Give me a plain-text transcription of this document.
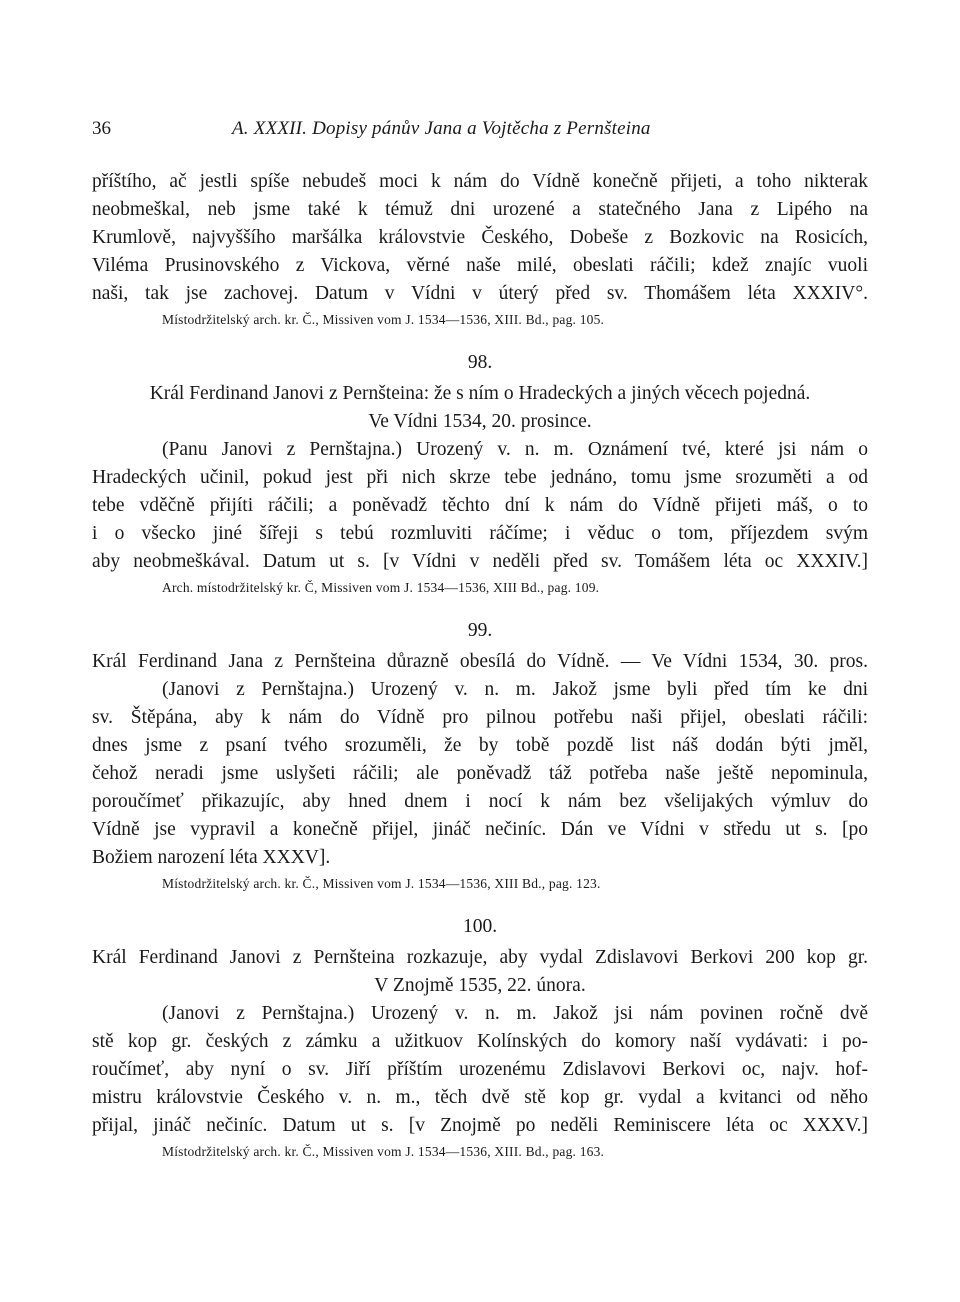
36	A. XXXII. Dopisy pánův Jana a Vojtěcha z Pernšteina
příštího, ač jestli spíše nebudeš moci k nám do Vídně konečně přijeti, a toho nikterak
neobmeškal, neb jsme také k témuž dni urozené a statečného Jana z Lipého na
Krumlově, najvyššího maršálka královstvie Českého, Dobeše z Bozkovic na Rosicích,
Viléma Prusinovského z Vickova, věrné naše milé, obeslati ráčili; kdež znajíc vuoli
naši, tak jse zachovej. Datum v Vídni v úterý před sv. Thomášem léta XXXIV°.
Místodržitelský arch. kr. Č., Missiven vom J. 1534—1536, XIII. Bd., pag. 105.
98.
Král Ferdinand Janovi z Pernšteina: že s ním o Hradeckých a jiných věcech pojedná.
Ve Vídni 1534, 20. prosince.
(Panu Janovi z Pernštajna.) Urozený v. n. m. Oznámení tvé, které jsi nám o
Hradeckých učinil, pokud jest při nich skrze tebe jednáno, tomu jsme srozuměti a od
tebe vděčně přijíti ráčili; a poněvadž těchto dní k nám do Vídně přijeti máš, o to
i o všecko jiné šířeji s tebú rozmluviti ráčíme; i věduc o tom, příjezdem svým
aby neobmeškával. Datum ut s. [v Vídni v neděli před sv. Tomášem léta oc XXXIV.]
Arch. místodržitelský kr. Č, Missiven vom J. 1534—1536, XIII Bd., pag. 109.
99.
Král Ferdinand Jana z Pernšteina důrazně obesílá do Vídně. — Ve Vídni 1534, 30. pros.
(Janovi z Pernštajna.) Urozený v. n. m. Jakož jsme byli před tím ke dni
sv. Štěpána, aby k nám do Vídně pro pilnou potřebu naši přijel, obeslati ráčili:
dnes jsme z psaní tvého srozuměli, že by tobě pozdě list náš dodán býti jměl,
čehož neradi jsme uslyšeti ráčili; ale poněvadž táž potřeba naše ještě nepominula,
poroučímeť přikazujíc, aby hned dnem i nocí k nám bez všelijakých výmluv do
Vídně jse vypravil a konečně přijel, jináč nečiníc. Dán ve Vídni v středu ut s. [po
Božiem narození léta XXXV].
Místodržitelský arch. kr. Č., Missiven vom J. 1534—1536, XIII Bd., pag. 123.
100.
Král Ferdinand Janovi z Pernšteina rozkazuje, aby vydal Zdislavovi Berkovi 200 kop gr.
V Znojmě 1535, 22. února.
(Janovi z Pernštajna.) Urozený v. n. m. Jakož jsi nám povinen ročně dvě
stě kop gr. českých z zámku a užitkuov Kolínských do komory naší vydávati: i po-
roučímeť, aby nyní o sv. Jiří příštím urozenému Zdislavovi Berkovi oc, najv. hof-
mistru královstvie Českého v. n. m., těch dvě stě kop gr. vydal a kvitanci od něho
přijal, jináč nečiníc. Datum ut s. [v Znojmě po neděli Reminiscere léta oc XXXV.]
Místodržitelský arch. kr. Č., Missiven vom J. 1534—1536, XIII. Bd., pag. 163.
